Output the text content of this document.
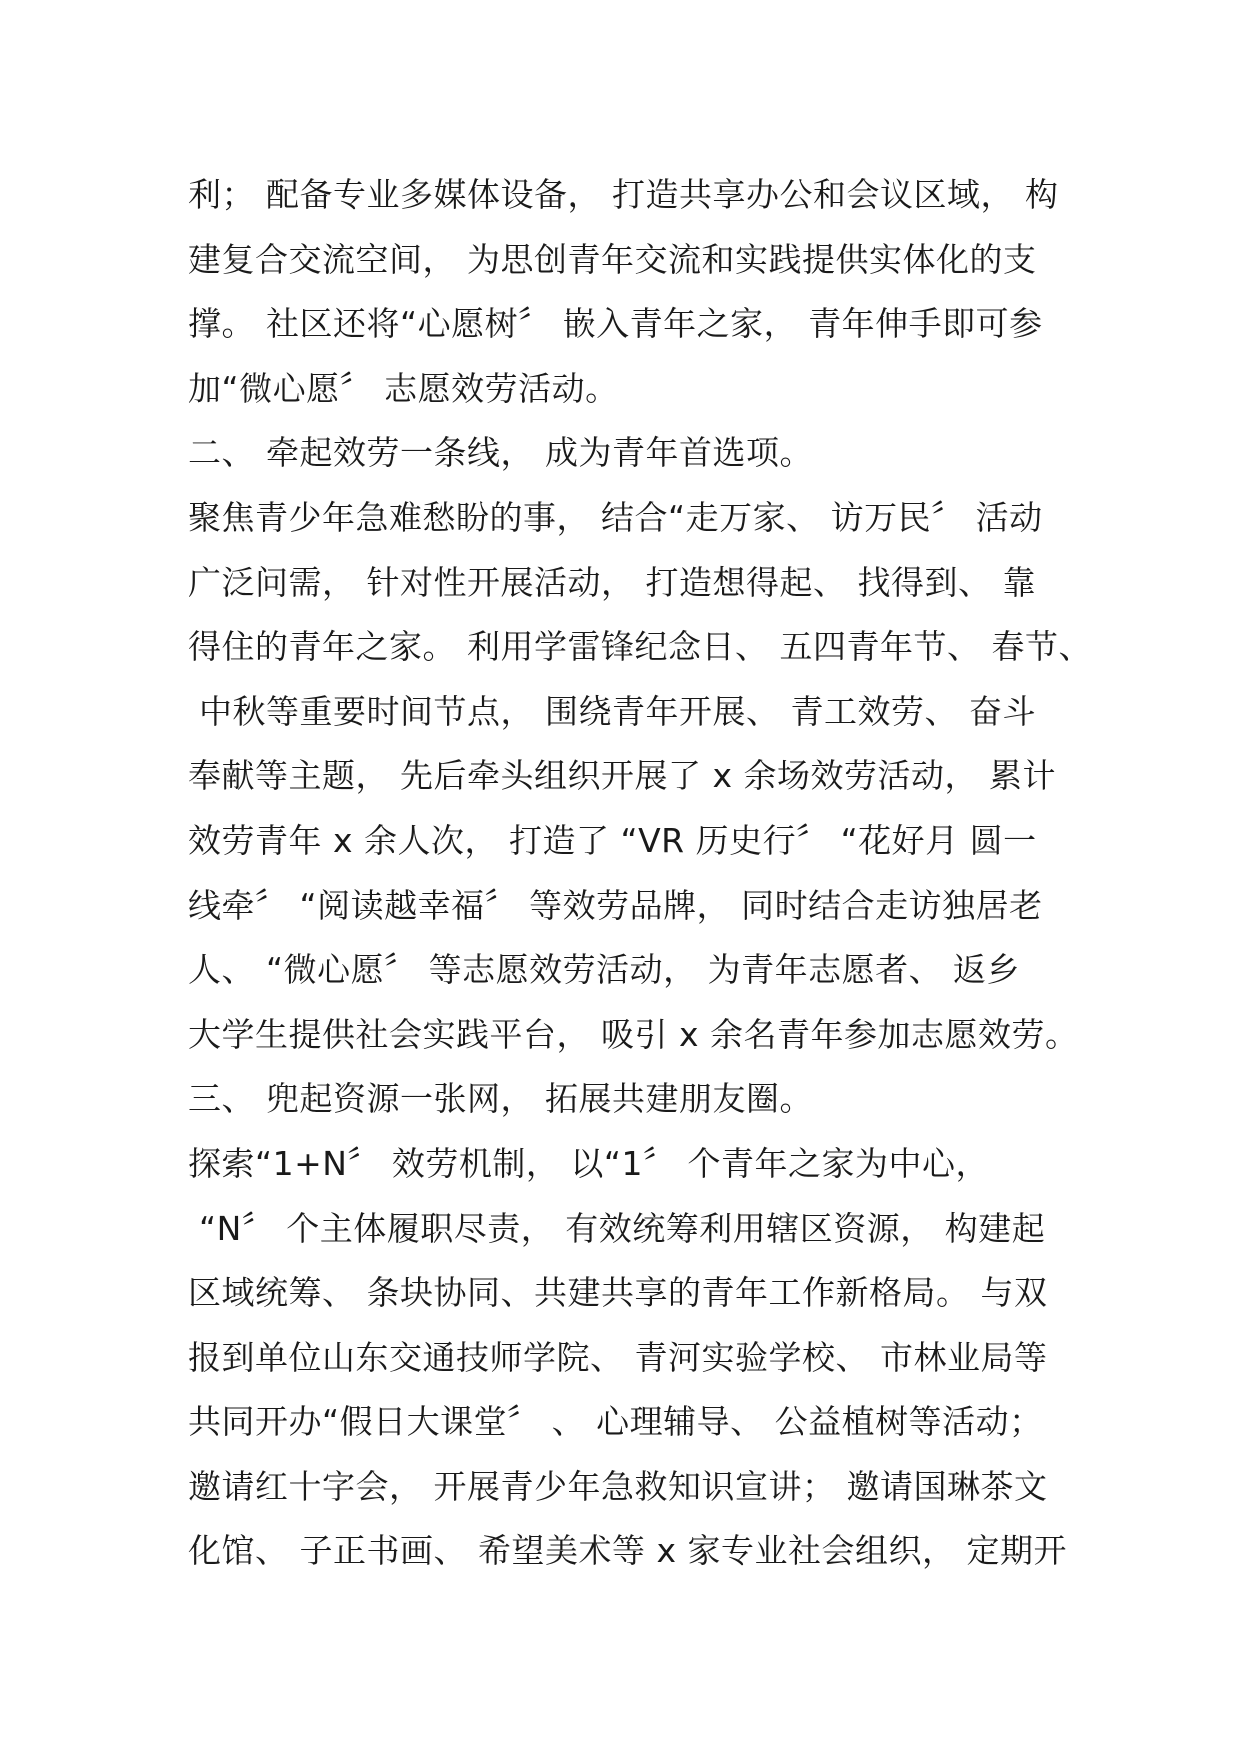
利； 配备专业多媒体设备， 打造共享办公和会议区域， 构
建复合交流空间， 为思创青年交流和实践提供实体化的支
撑。 社区还将“心愿树〞 嵌入青年之家， 青年伸手即可参
加“微心愿〞 志愿效劳活动。
二、 牵起效劳一条线， 成为青年首选项。
聚焦青少年急难愁盼的事， 结合“走万家、 访万民〞 活动
广泛问需， 针对性开展活动， 打造想得起、 找得到、 靠
得住的青年之家。 利用学雷锋纪念日、 五四青年节、 春节、
中秋等重要时间节点， 围绕青年开展、 青工效劳、 奋斗
奉献等主题， 先后牵头组织开展了 x 余场效劳活动， 累计
效劳青年 x 余人次， 打造了 “VR 历史行〞 “花好月 圆一
线牵〞 “阅读越幸福〞 等效劳品牌， 同时结合走访独居老
人、 “微心愿〞 等志愿效劳活动， 为青年志愿者、 返乡
大学生提供社会实践平台， 吸引 x 余名青年参加志愿效劳。
三、 兜起资源一张网， 拓展共建朋友圈。
探索“1+N〞 效劳机制， 以“1〞 个青年之家为中心，
“N〞 个主体履职尽责， 有效统筹利用辖区资源， 构建起
区域统筹、 条块协同、共建共享的青年工作新格局。 与双
报到单位山东交通技师学院、 青河实验学校、 市林业局等
共同开办“假日大课堂〞 、 心理辅导、 公益植树等活动；
邀请红十字会， 开展青少年急救知识宣讲； 邀请国琳茶文
化馆、 子正书画、 希望美术等 x 家专业社会组织， 定期开
